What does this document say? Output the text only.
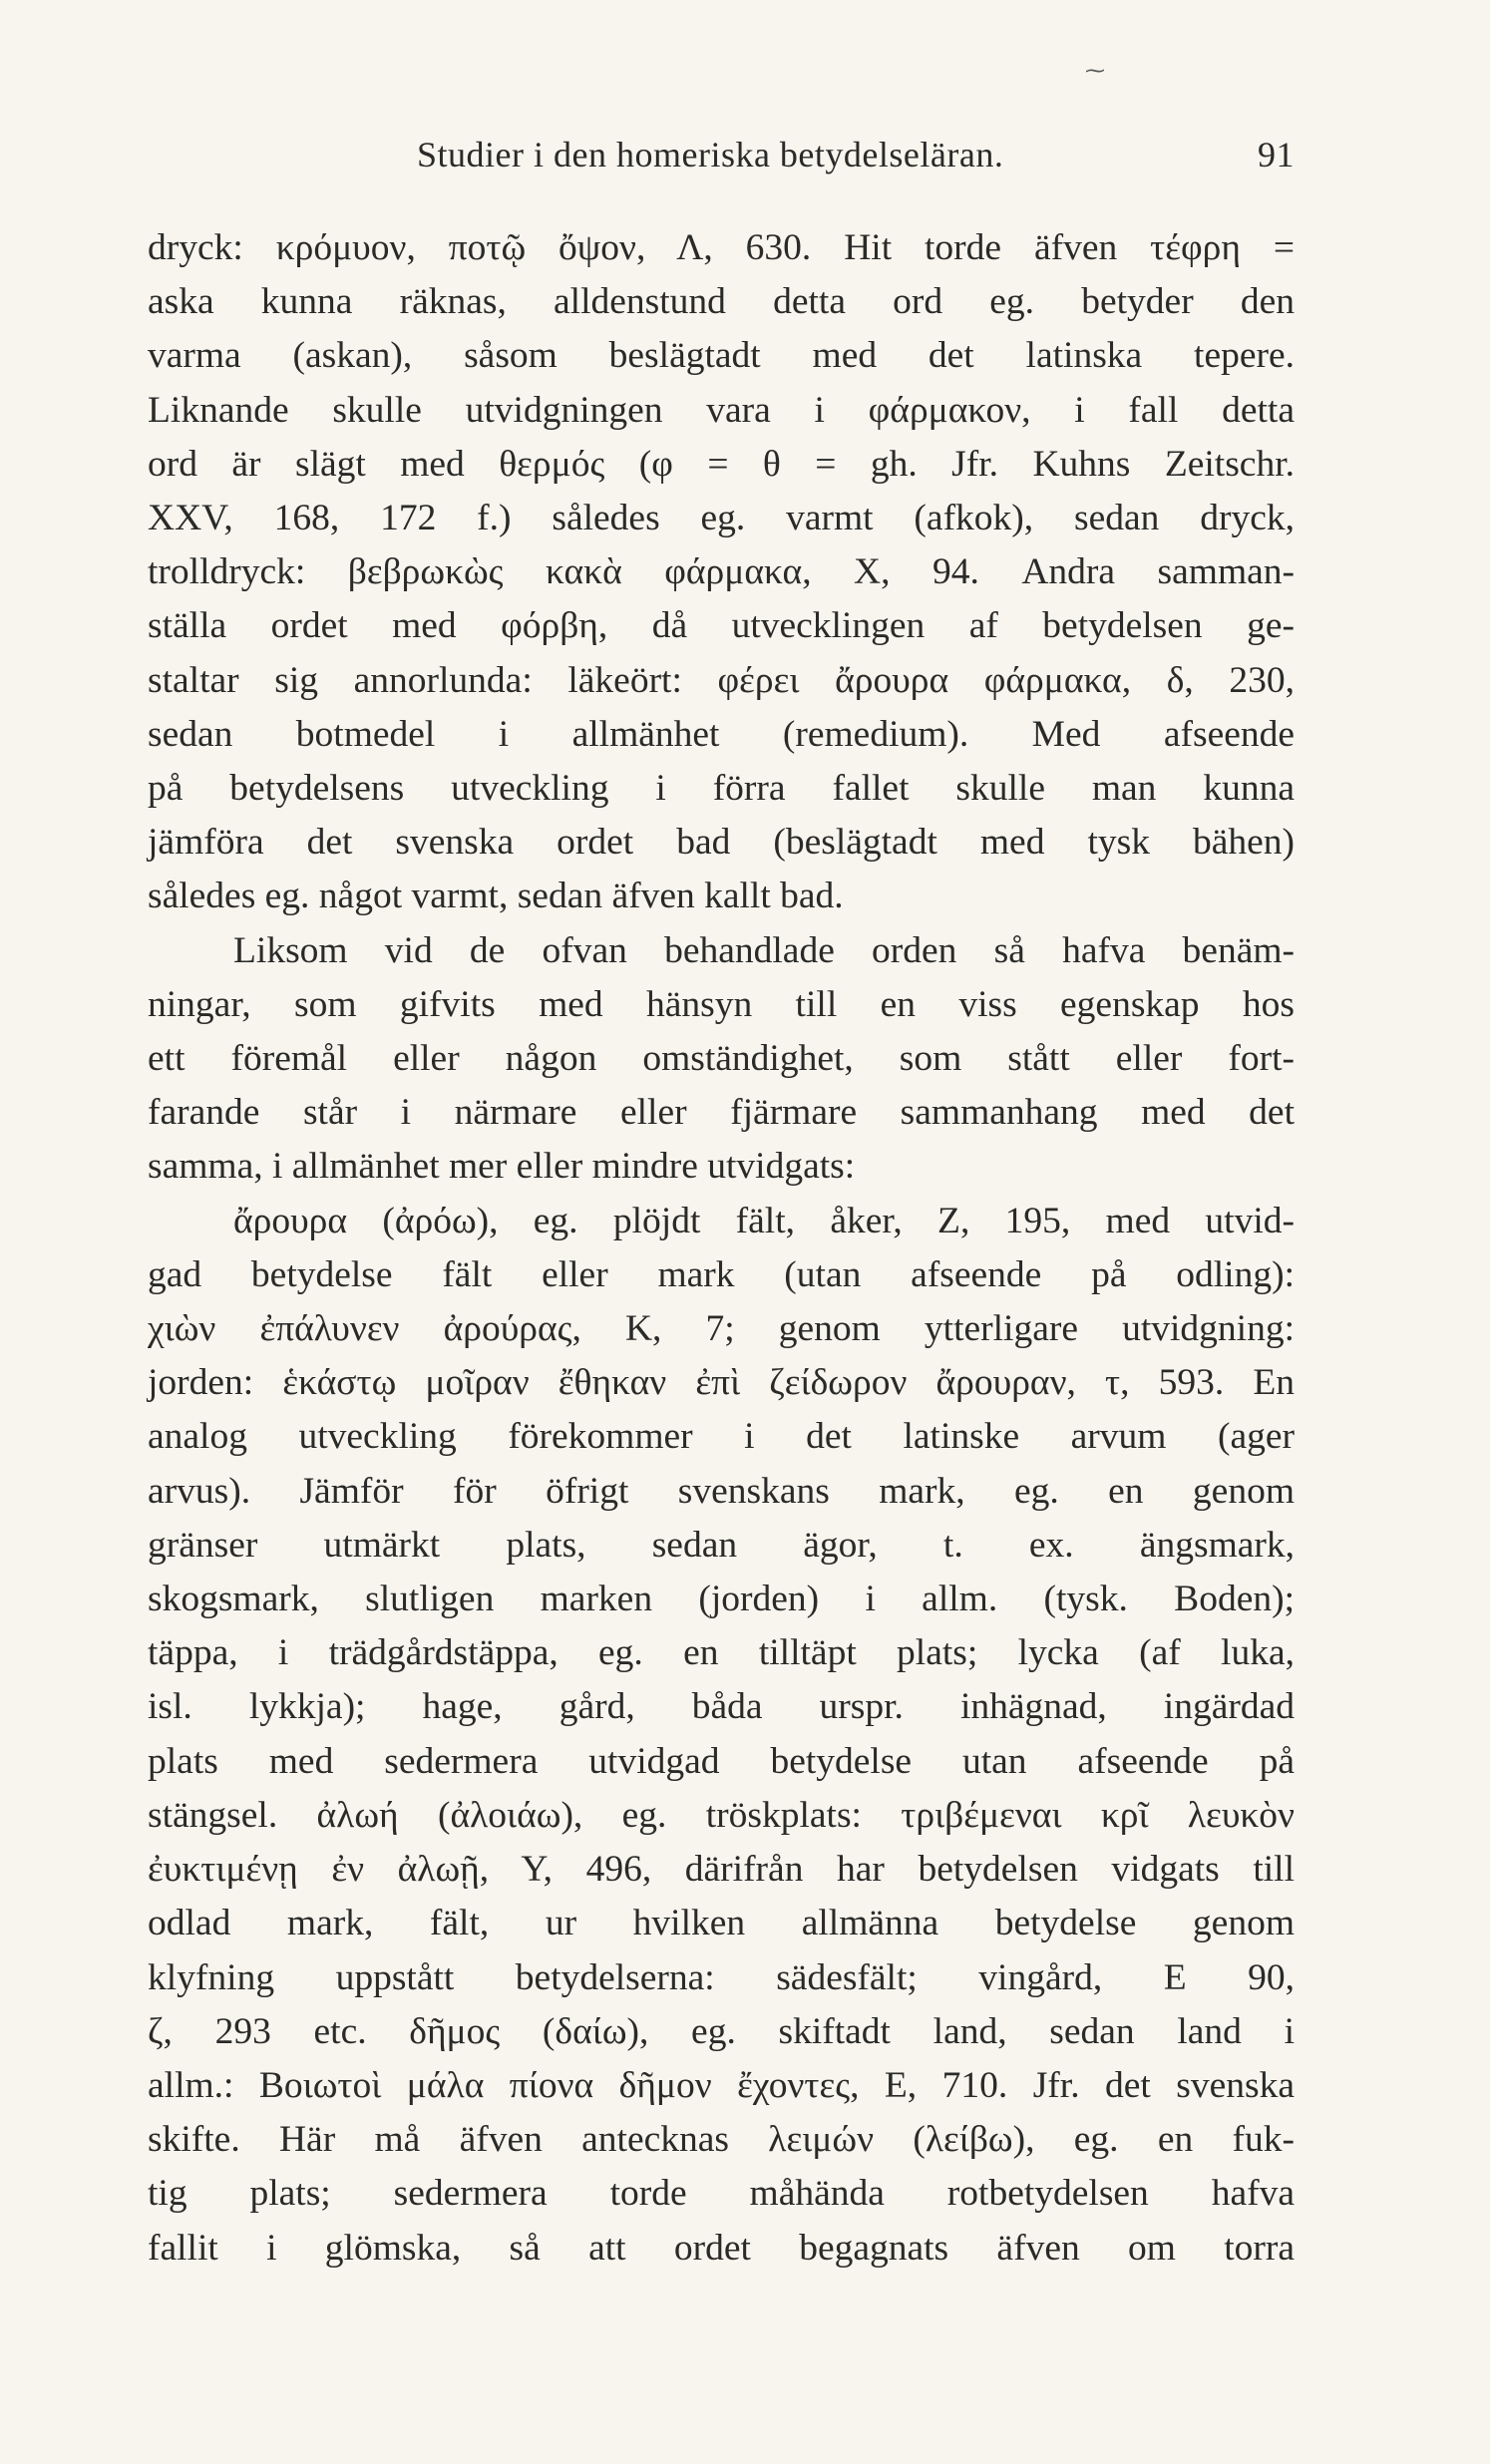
⁓
Studier i den homeriska betydelseläran.	91

dryck: κρόμυον, ποτῷ ὄψον, Λ, 630. Hit torde äfven τέφρη =
aska kunna räknas, alldenstund detta ord eg. betyder den
varma (askan), såsom beslägtadt med det latinska tepere.
Liknande skulle utvidgningen vara i φάρμακον, i fall detta
ord är slägt med θερμός (φ = θ = gh. Jfr. Kuhns Zeitschr.
XXV, 168, 172 f.) således eg. varmt (afkok), sedan dryck,
trolldryck: βεβρωκὼς κακὰ φάρμακα, Χ, 94. Andra samman-
ställa ordet med φόρβη, då utvecklingen af betydelsen ge-
staltar sig annorlunda: läkeört: φέρει ἄρουρα φάρμακα, δ, 230,
sedan botmedel i allmänhet (remedium). Med afseende
på betydelsens utveckling i förra fallet skulle man kunna
jämföra det svenska ordet bad (beslägtadt med tysk bähen)
således eg. något varmt, sedan äfven kallt bad.

Liksom vid de ofvan behandlade orden så hafva benäm-
ningar, som gifvits med hänsyn till en viss egenskap hos
ett föremål eller någon omständighet, som stått eller fort-
farande står i närmare eller fjärmare sammanhang med det
samma, i allmänhet mer eller mindre utvidgats:
ἄρουρα (ἀρόω), eg. plöjdt fält, åker, Ζ, 195, med utvid-
gad betydelse fält eller mark (utan afseende på odling):
χιὼν ἐπάλυνεν ἀρούρας, Κ, 7; genom ytterligare utvidgning:
jorden: ἑκάστῳ μοῖραν ἔθηκαν ἐπὶ ζείδωρον ἄρουραν, τ, 593. En
analog utveckling förekommer i det latinske arvum (ager
arvus). Jämför för öfrigt svenskans mark, eg. en genom
gränser utmärkt plats, sedan ägor, t. ex. ängsmark,
skogsmark, slutligen marken (jorden) i allm. (tysk. Boden);
täppa, i trädgårdstäppa, eg. en tilltäpt plats; lycka (af luka,
isl. lykkja); hage, gård, båda urspr. inhägnad, ingärdad
plats med sedermera utvidgad betydelse utan afseende på
stängsel. ἀλωή (ἀλοιάω), eg. tröskplats: τριβέμεναι κρῖ λευκὸν
ἐυκτιμένῃ ἐν ἀλωῇ, Υ, 496, därifrån har betydelsen vidgats till
odlad mark, fält, ur hvilken allmänna betydelse genom
klyfning uppstått betydelserna: sädesfält; vingård, Ε 90,
ζ, 293 etc. δῆμος (δαίω), eg. skiftadt land, sedan land i
allm.: Βοιωτοὶ μάλα πίονα δῆμον ἔχοντες, Ε, 710. Jfr. det svenska
skifte. Här må äfven antecknas λειμών (λείβω), eg. en fuk-
tig plats; sedermera torde måhända rotbetydelsen hafva
fallit i glömska, så att ordet begagnats äfven om torra
